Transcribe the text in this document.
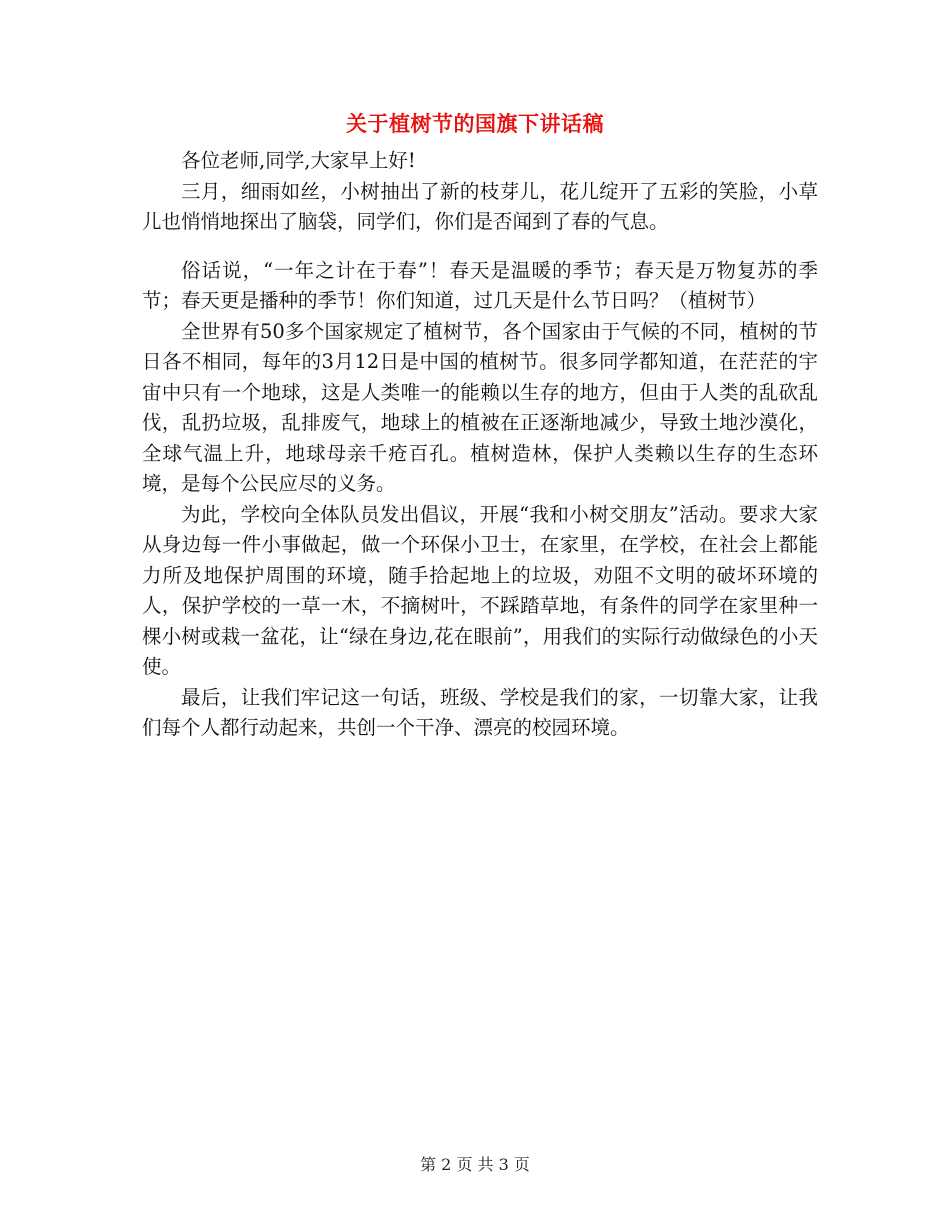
关于植树节的国旗下讲话稿

各位老师,同学,大家早上好!

三月，细雨如丝，小树抽出了新的枝芽儿，花儿绽开了五彩的笑脸，小草儿也悄悄地探出了脑袋，同学们，你们是否闻到了春的气息。

俗话说，“一年之计在于春”！春天是温暖的季节；春天是万物复苏的季节；春天更是播种的季节！你们知道，过几天是什么节日吗？（植树节）

全世界有50多个国家规定了植树节，各个国家由于气候的不同，植树的节日各不相同，每年的3月12日是中国的植树节。很多同学都知道，在茫茫的宇宙中只有一个地球，这是人类唯一的能赖以生存的地方，但由于人类的乱砍乱伐，乱扔垃圾，乱排废气，地球上的植被在正逐渐地减少，导致土地沙漠化，全球气温上升，地球母亲千疮百孔。植树造林，保护人类赖以生存的生态环境，是每个公民应尽的义务。

为此，学校向全体队员发出倡议，开展“我和小树交朋友”活动。要求大家从身边每一件小事做起，做一个环保小卫士，在家里，在学校，在社会上都能力所及地保护周围的环境，随手拾起地上的垃圾，劝阻不文明的破坏环境的人，保护学校的一草一木，不摘树叶，不踩踏草地，有条件的同学在家里种一棵小树或栽一盆花，让“绿在身边,花在眼前”，用我们的实际行动做绿色的小天使。

最后，让我们牢记这一句话，班级、学校是我们的家，一切靠大家，让我们每个人都行动起来，共创一个干净、漂亮的校园环境。

第 2 页 共 3 页
